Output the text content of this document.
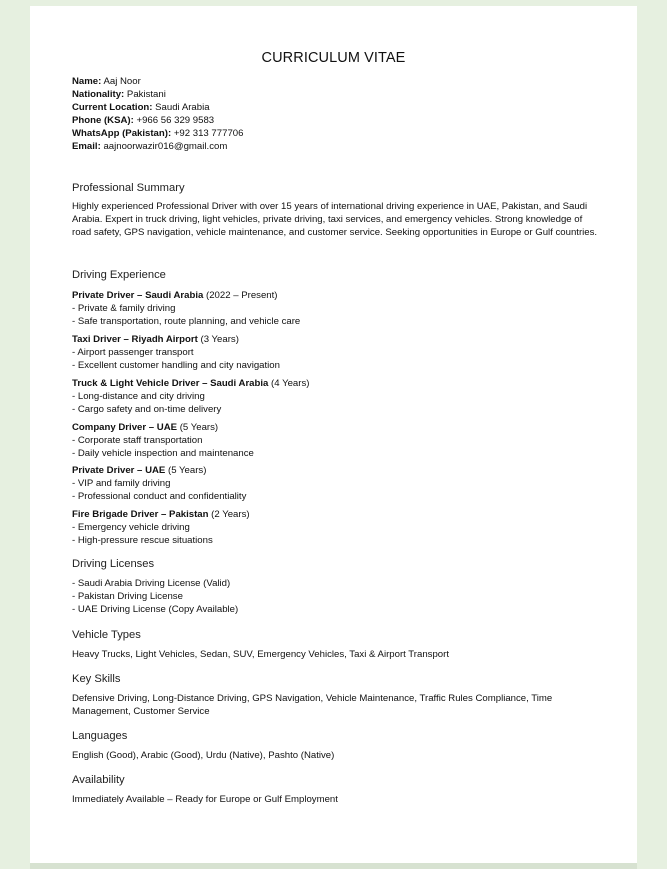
CURRICULUM VITAE
Name: Aaj Noor
Nationality: Pakistani
Current Location: Saudi Arabia
Phone (KSA): +966 56 329 9583
WhatsApp (Pakistan): +92 313 777706
Email: aajnoorwazir016@gmail.com
Professional Summary
Highly experienced Professional Driver with over 15 years of international driving experience in UAE, Pakistan, and Saudi Arabia. Expert in truck driving, light vehicles, private driving, taxi services, and emergency vehicles. Strong knowledge of road safety, GPS navigation, vehicle maintenance, and customer service. Seeking opportunities in Europe or Gulf countries.
Driving Experience
Private Driver – Saudi Arabia (2022 – Present)
- Private & family driving
- Safe transportation, route planning, and vehicle care
Taxi Driver – Riyadh Airport (3 Years)
- Airport passenger transport
- Excellent customer handling and city navigation
Truck & Light Vehicle Driver – Saudi Arabia (4 Years)
- Long-distance and city driving
- Cargo safety and on-time delivery
Company Driver – UAE (5 Years)
- Corporate staff transportation
- Daily vehicle inspection and maintenance
Private Driver – UAE (5 Years)
- VIP and family driving
- Professional conduct and confidentiality
Fire Brigade Driver – Pakistan (2 Years)
- Emergency vehicle driving
- High-pressure rescue situations
Driving Licenses
- Saudi Arabia Driving License (Valid)
- Pakistan Driving License
- UAE Driving License (Copy Available)
Vehicle Types
Heavy Trucks, Light Vehicles, Sedan, SUV, Emergency Vehicles, Taxi & Airport Transport
Key Skills
Defensive Driving, Long-Distance Driving, GPS Navigation, Vehicle Maintenance, Traffic Rules Compliance, Time Management, Customer Service
Languages
English (Good), Arabic (Good), Urdu (Native), Pashto (Native)
Availability
Immediately Available – Ready for Europe or Gulf Employment
